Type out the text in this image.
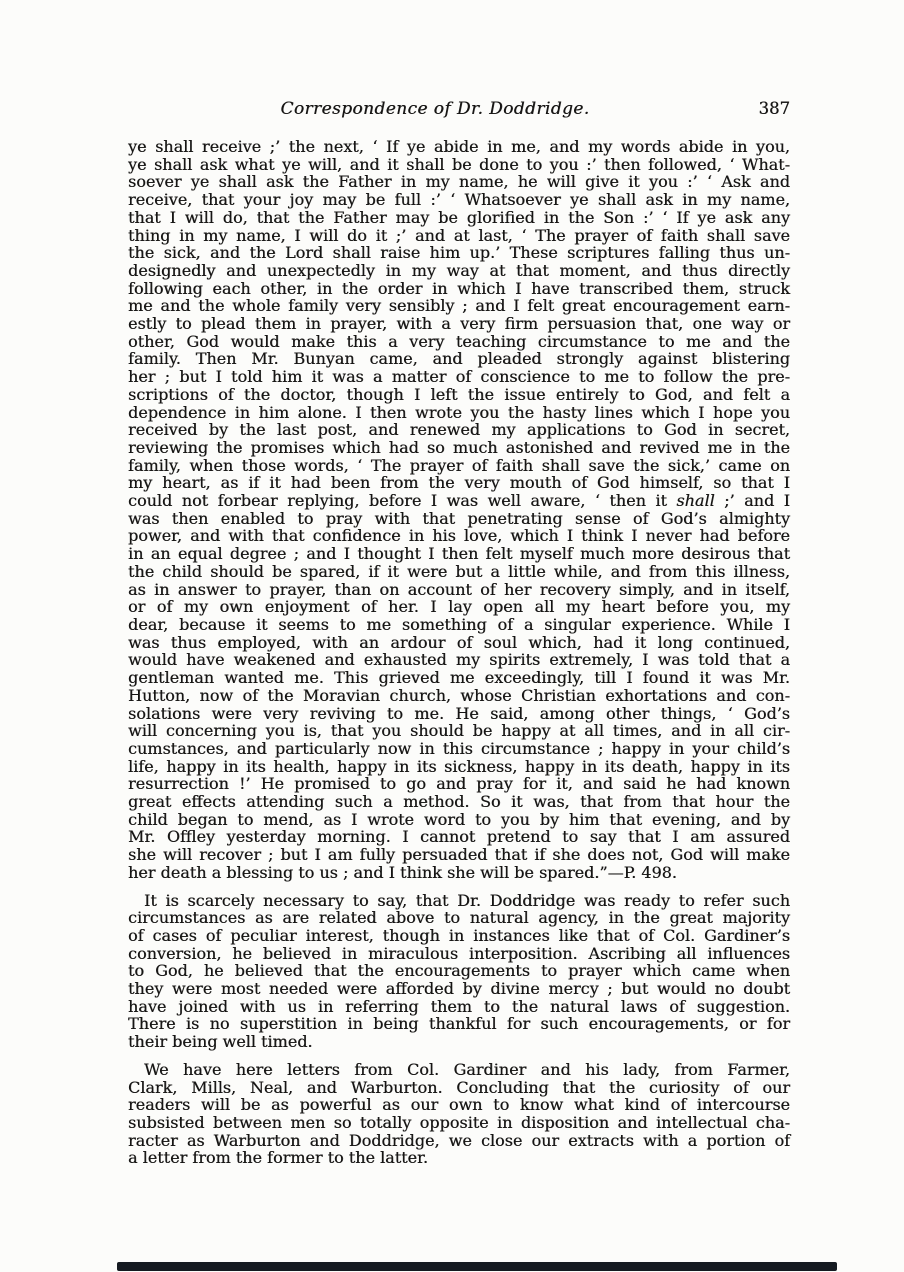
Correspondence of Dr. Doddridge.	387
ye shall receive ;’ the next, ‘ If ye abide in me, and my words abide in you,
ye shall ask what ye will, and it shall be done to you :’ then followed, ‘ What-
soever ye shall ask the Father in my name, he will give it you :’ ‘ Ask and
receive, that your joy may be full :’ ‘ Whatsoever ye shall ask in my name,
that I will do, that the Father may be glorified in the Son :’ ‘ If ye ask any
thing in my name, I will do it ;’ and at last, ‘ The prayer of faith shall save
the sick, and the Lord shall raise him up.’ These scriptures falling thus un-
designedly and unexpectedly in my way at that moment, and thus directly
following each other, in the order in which I have transcribed them, struck
me and the whole family very sensibly ; and I felt great encouragement earn-
estly to plead them in prayer, with a very firm persuasion that, one way or
other, God would make this a very teaching circumstance to me and the
family. Then Mr. Bunyan came, and pleaded strongly against blistering
her ; but I told him it was a matter of conscience to me to follow the pre-
scriptions of the doctor, though I left the issue entirely to God, and felt a
dependence in him alone. I then wrote you the hasty lines which I hope you
received by the last post, and renewed my applications to God in secret,
reviewing the promises which had so much astonished and revived me in the
family, when those words, ‘ The prayer of faith shall save the sick,’ came on
my heart, as if it had been from the very mouth of God himself, so that I
could not forbear replying, before I was well aware, ‘ then it shall ;’ and I
was then enabled to pray with that penetrating sense of God’s almighty
power, and with that confidence in his love, which I think I never had before
in an equal degree ; and I thought I then felt myself much more desirous that
the child should be spared, if it were but a little while, and from this illness,
as in answer to prayer, than on account of her recovery simply, and in itself,
or of my own enjoyment of her. I lay open all my heart before you, my
dear, because it seems to me something of a singular experience. While I
was thus employed, with an ardour of soul which, had it long continued,
would have weakened and exhausted my spirits extremely, I was told that a
gentleman wanted me. This grieved me exceedingly, till I found it was Mr.
Hutton, now of the Moravian church, whose Christian exhortations and con-
solations were very reviving to me. He said, among other things, ‘ God’s
will concerning you is, that you should be happy at all times, and in all cir-
cumstances, and particularly now in this circumstance ; happy in your child’s
life, happy in its health, happy in its sickness, happy in its death, happy in its
resurrection !’ He promised to go and pray for it, and said he had known
great effects attending such a method. So it was, that from that hour the
child began to mend, as I wrote word to you by him that evening, and by
Mr. Offley yesterday morning. I cannot pretend to say that I am assured
she will recover ; but I am fully persuaded that if she does not, God will make
her death a blessing to us ; and I think she will be spared.”—P. 498.
It is scarcely necessary to say, that Dr. Doddridge was ready to refer such
circumstances as are related above to natural agency, in the great majority
of cases of peculiar interest, though in instances like that of Col. Gardiner’s
conversion, he believed in miraculous interposition. Ascribing all influences
to God, he believed that the encouragements to prayer which came when
they were most needed were afforded by divine mercy ; but would no doubt
have joined with us in referring them to the natural laws of suggestion.
There is no superstition in being thankful for such encouragements, or for
their being well timed.
We have here letters from Col. Gardiner and his lady, from Farmer,
Clark, Mills, Neal, and Warburton. Concluding that the curiosity of our
readers will be as powerful as our own to know what kind of intercourse
subsisted between men so totally opposite in disposition and intellectual cha-
racter as Warburton and Doddridge, we close our extracts with a portion of
a letter from the former to the latter.
